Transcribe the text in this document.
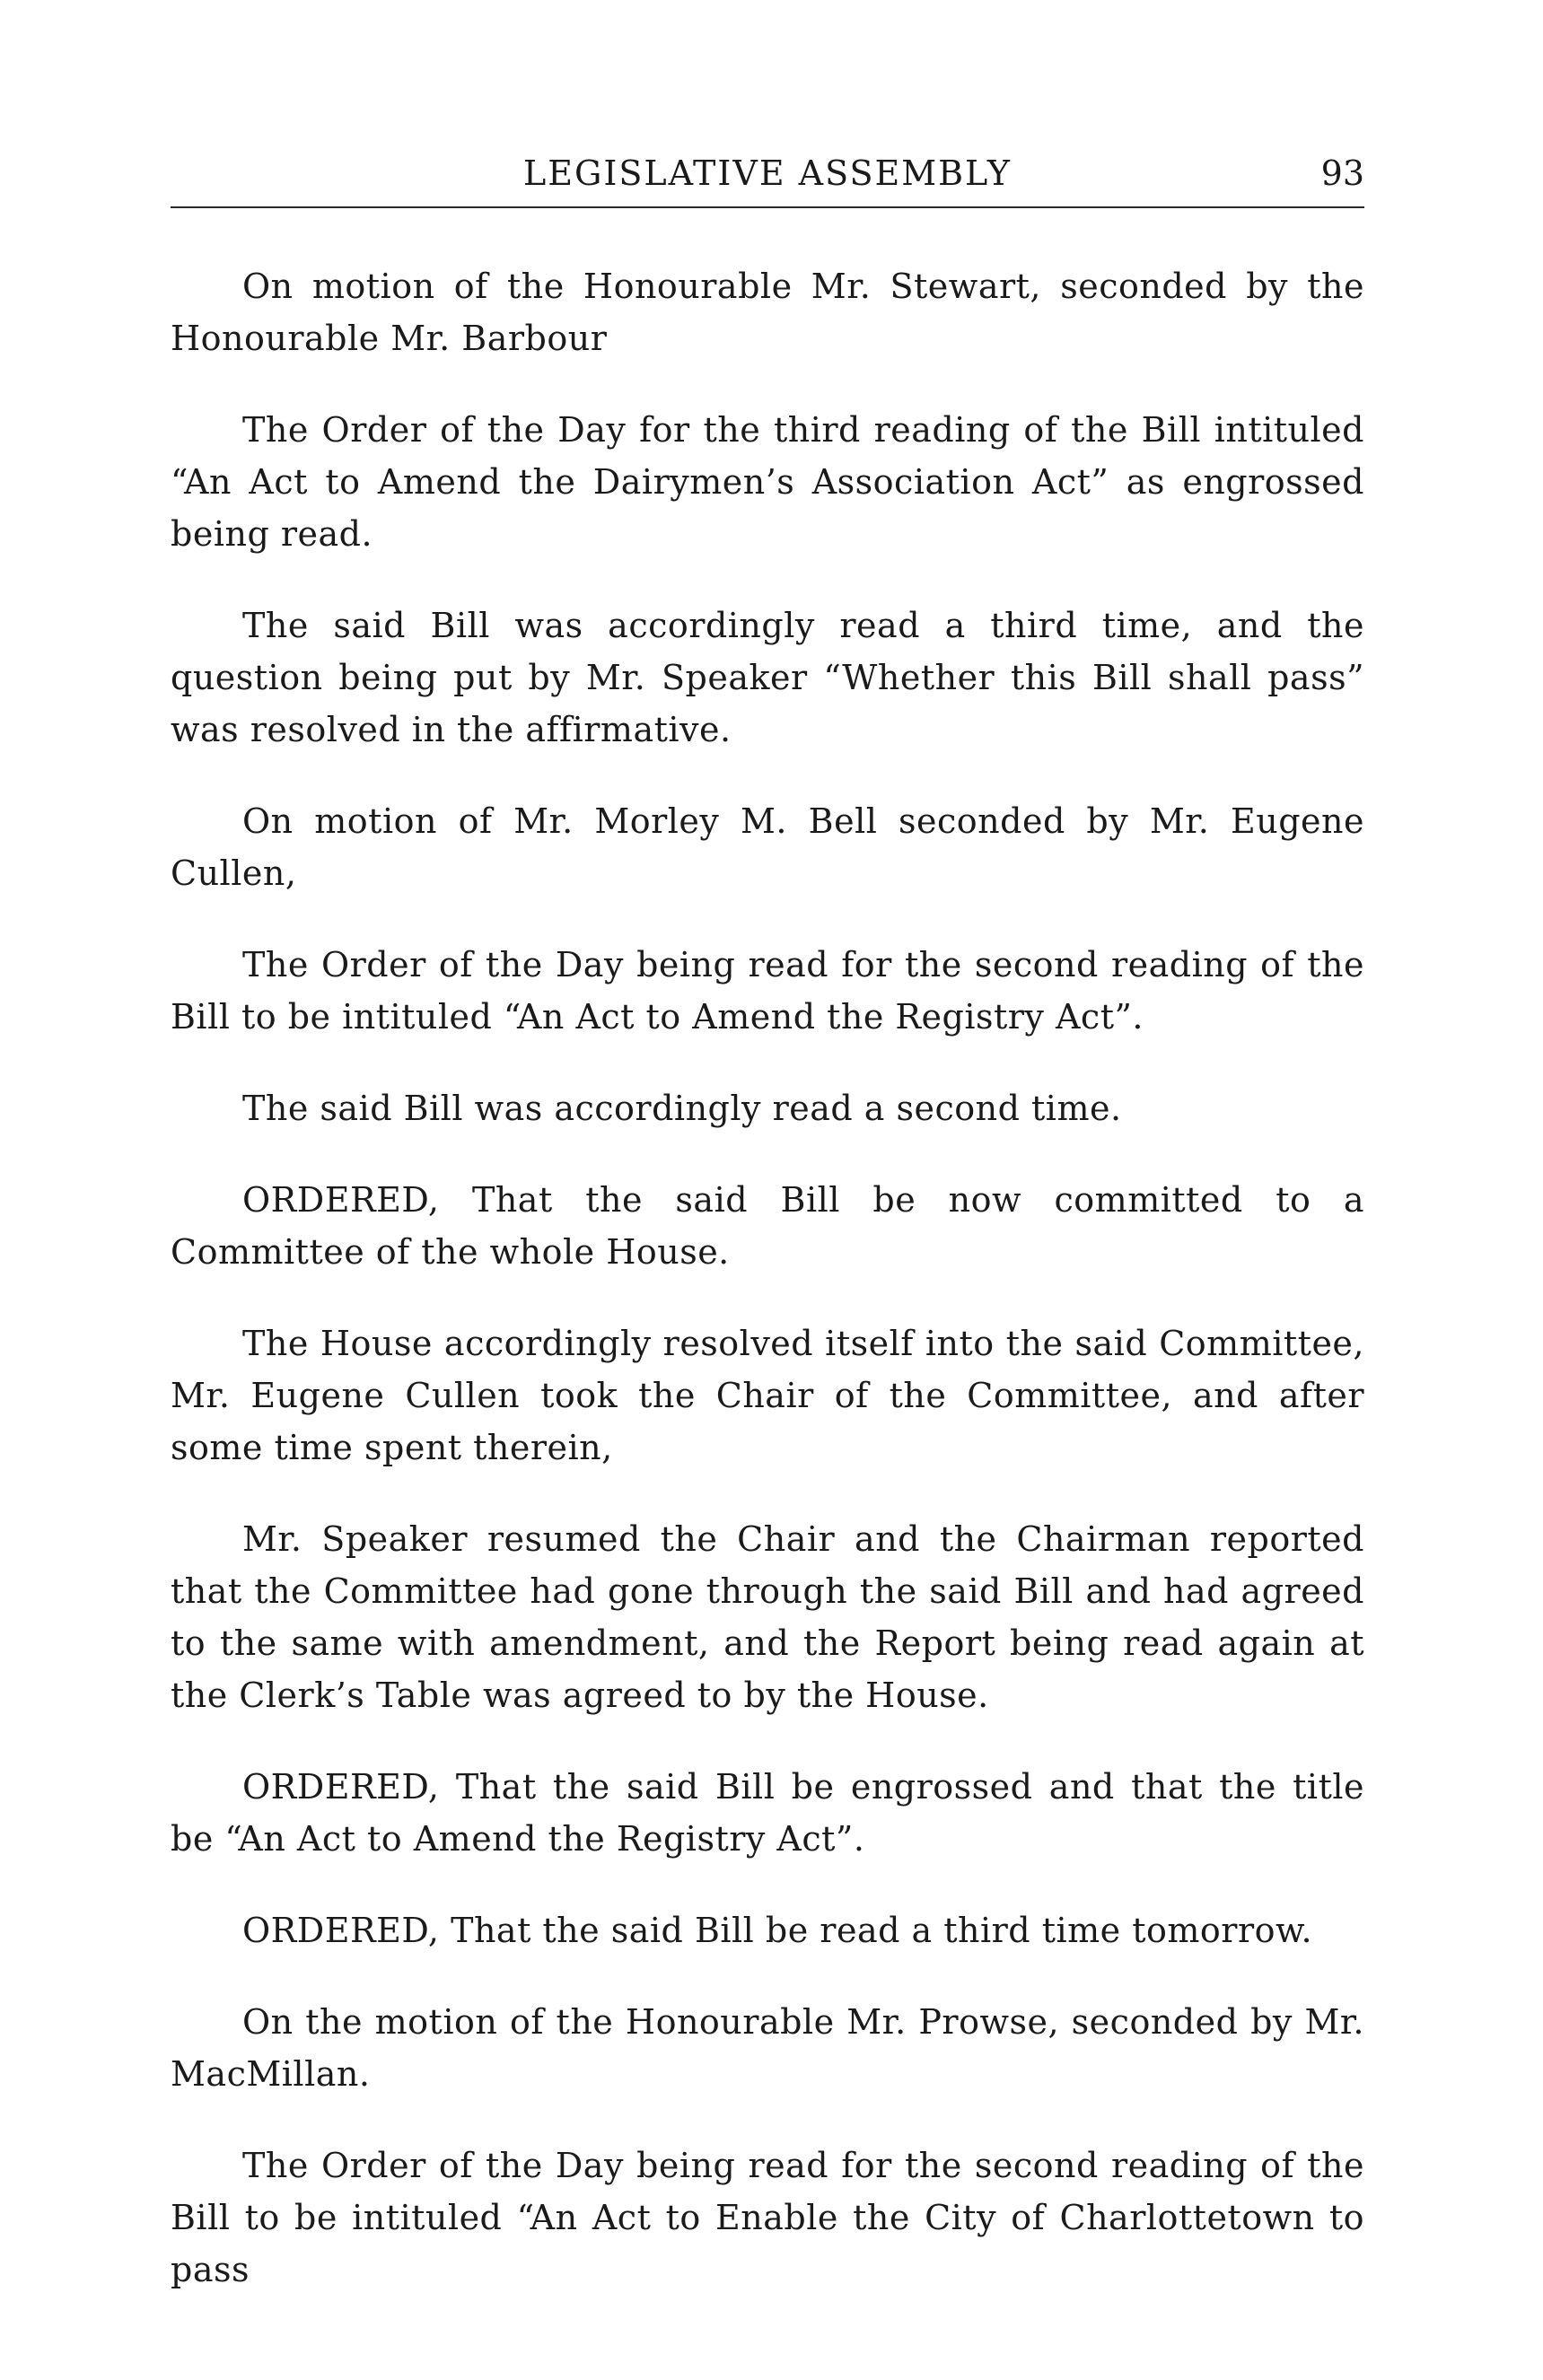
LEGISLATIVE ASSEMBLY	93

On motion of the Honourable Mr. Stewart, seconded by the Honourable Mr. Barbour

The Order of the Day for the third reading of the Bill intituled “An Act to Amend the Dairymen’s Association Act” as engrossed being read.

The said Bill was accordingly read a third time, and the question being put by Mr. Speaker “Whether this Bill shall pass” was resolved in the affirmative.

On motion of Mr. Morley M. Bell seconded by Mr. Eugene Cullen,

The Order of the Day being read for the second reading of the Bill to be intituled “An Act to Amend the Registry Act”.

The said Bill was accordingly read a second time.

ORDERED, That the said Bill be now committed to a Committee of the whole House.

The House accordingly resolved itself into the said Committee, Mr. Eugene Cullen took the Chair of the Committee, and after some time spent therein,

Mr. Speaker resumed the Chair and the Chairman reported that the Committee had gone through the said Bill and had agreed to the same with amendment, and the Report being read again at the Clerk’s Table was agreed to by the House.

ORDERED, That the said Bill be engrossed and that the title be “An Act to Amend the Registry Act”.

ORDERED, That the said Bill be read a third time tomorrow.

On the motion of the Honourable Mr. Prowse, seconded by Mr. MacMillan.

The Order of the Day being read for the second reading of the Bill to be intituled “An Act to Enable the City of Charlottetown to pass
